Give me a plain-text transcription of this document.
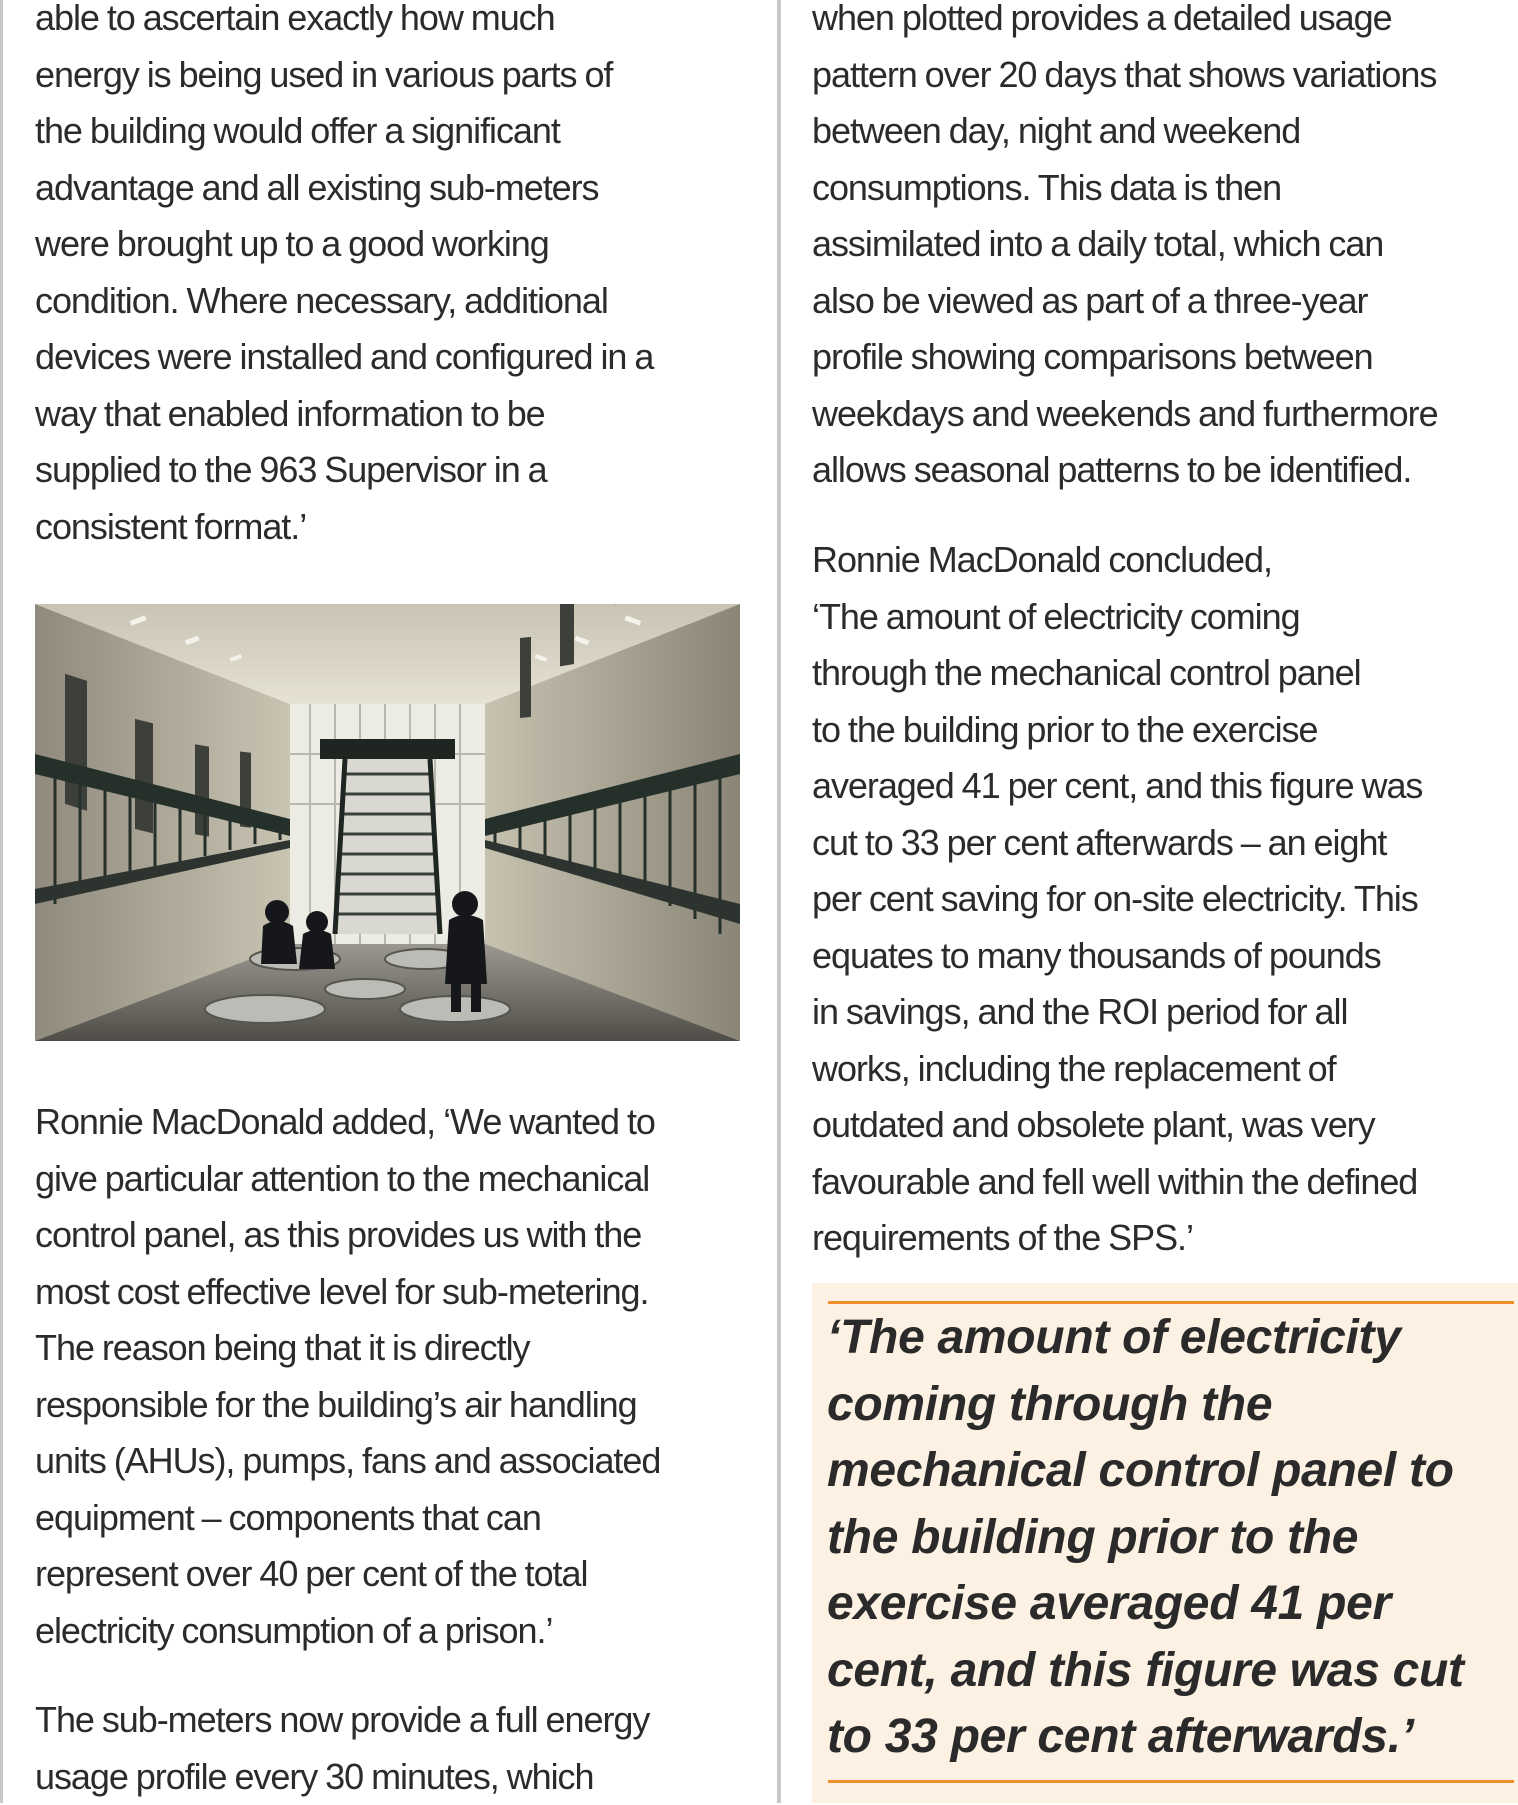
able to ascertain exactly how much
energy is being used in various parts of
the building would offer a significant
advantage and all existing sub-meters
were brought up to a good working
condition. Where necessary, additional
devices were installed and configured in a
way that enabled information to be
supplied to the 963 Supervisor in a
consistent format.’

Ronnie MacDonald added, ‘We wanted to
give particular attention to the mechanical
control panel, as this provides us with the
most cost effective level for sub-metering.
The reason being that it is directly
responsible for the building’s air handling
units (AHUs), pumps, fans and associated
equipment – components that can
represent over 40 per cent of the total
electricity consumption of a prison.’

The sub-meters now provide a full energy
usage profile every 30 minutes, which

when plotted provides a detailed usage
pattern over 20 days that shows variations
between day, night and weekend
consumptions. This data is then
assimilated into a daily total, which can
also be viewed as part of a three-year
profile showing comparisons between
weekdays and weekends and furthermore
allows seasonal patterns to be identified.

Ronnie MacDonald concluded,
‘The amount of electricity coming
through the mechanical control panel
to the building prior to the exercise
averaged 41 per cent, and this figure was
cut to 33 per cent afterwards – an eight
per cent saving for on-site electricity. This
equates to many thousands of pounds
in savings, and the ROI period for all
works, including the replacement of
outdated and obsolete plant, was very
favourable and fell well within the defined
requirements of the SPS.’

‘The amount of electricity
coming through the
mechanical control panel to
the building prior to the
exercise averaged 41 per
cent, and this figure was cut
to 33 per cent afterwards.’
